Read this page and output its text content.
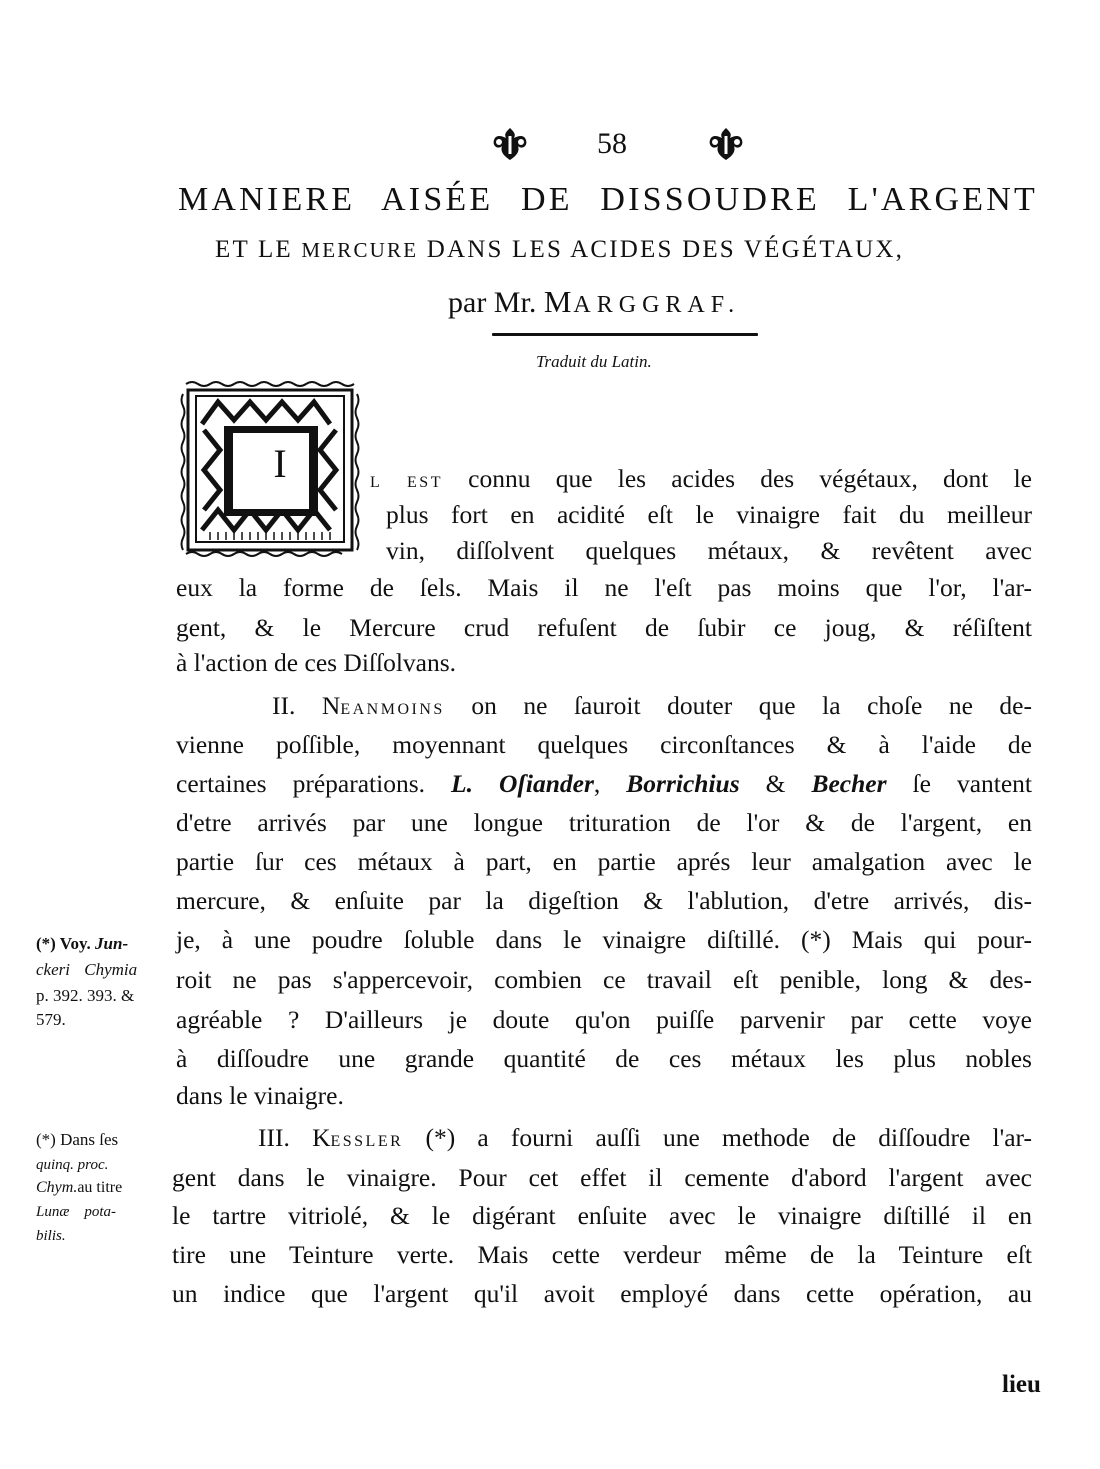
58
MANIERE AISÉE DE DISSOUDRE L'ARGENT
ET LE MERCURE DANS LES ACIDES DES VÉGÉTAUX,
par Mr. MARGGRAF.
Traduit du Latin.
I	L EST connu que les acides des végétaux, dont le
plus fort en acidité eſt le vinaigre fait du meilleur
vin, diſſolvent quelques métaux, & revêtent avec
eux la forme de ſels. Mais il ne l'eſt pas moins que l'or, l'ar-
gent, & le Mercure crud refuſent de ſubir ce joug, & réſiſtent
à l'action de ces Diſſolvans.
II. NEANMOINS on ne ſauroit douter que la choſe ne de-
vienne poſſible, moyennant quelques circonſtances & à l'aide de
certaines préparations. L. Oſiander, Borrichius & Becher ſe vantent
d'etre arrivés par une longue trituration de l'or & de l'argent, en
partie ſur ces métaux à part, en partie aprés leur amalgation avec le
mercure, & enſuite par la digeſtion & l'ablution, d'etre arrivés, dis-
je, à une poudre ſoluble dans le vinaigre diſtillé. (*) Mais qui pour-
roit ne pas s'appercevoir, combien ce travail eſt penible, long & des-
agréable ? D'ailleurs je doute qu'on puiſſe parvenir par cette voye
à diſſoudre une grande quantité de ces métaux les plus nobles
dans le vinaigre.
III. KESSLER (*) a fourni auſſi une methode de diſſoudre l'ar-
gent dans le vinaigre. Pour cet effet il cemente d'abord l'argent avec
le tartre vitriolé, & le digérant enſuite avec le vinaigre diſtillé il en
tire une Teinture verte. Mais cette verdeur même de la Teinture eſt
un indice que l'argent qu'il avoit employé dans cette opération, au
lieu
(*) Voy. Jun-
ckeri Chymia
p. 392. 393. &
579.
(*) Dans ſes
quinq. proc.
Chym.au titre
Lunæ    pota-
bilis.
